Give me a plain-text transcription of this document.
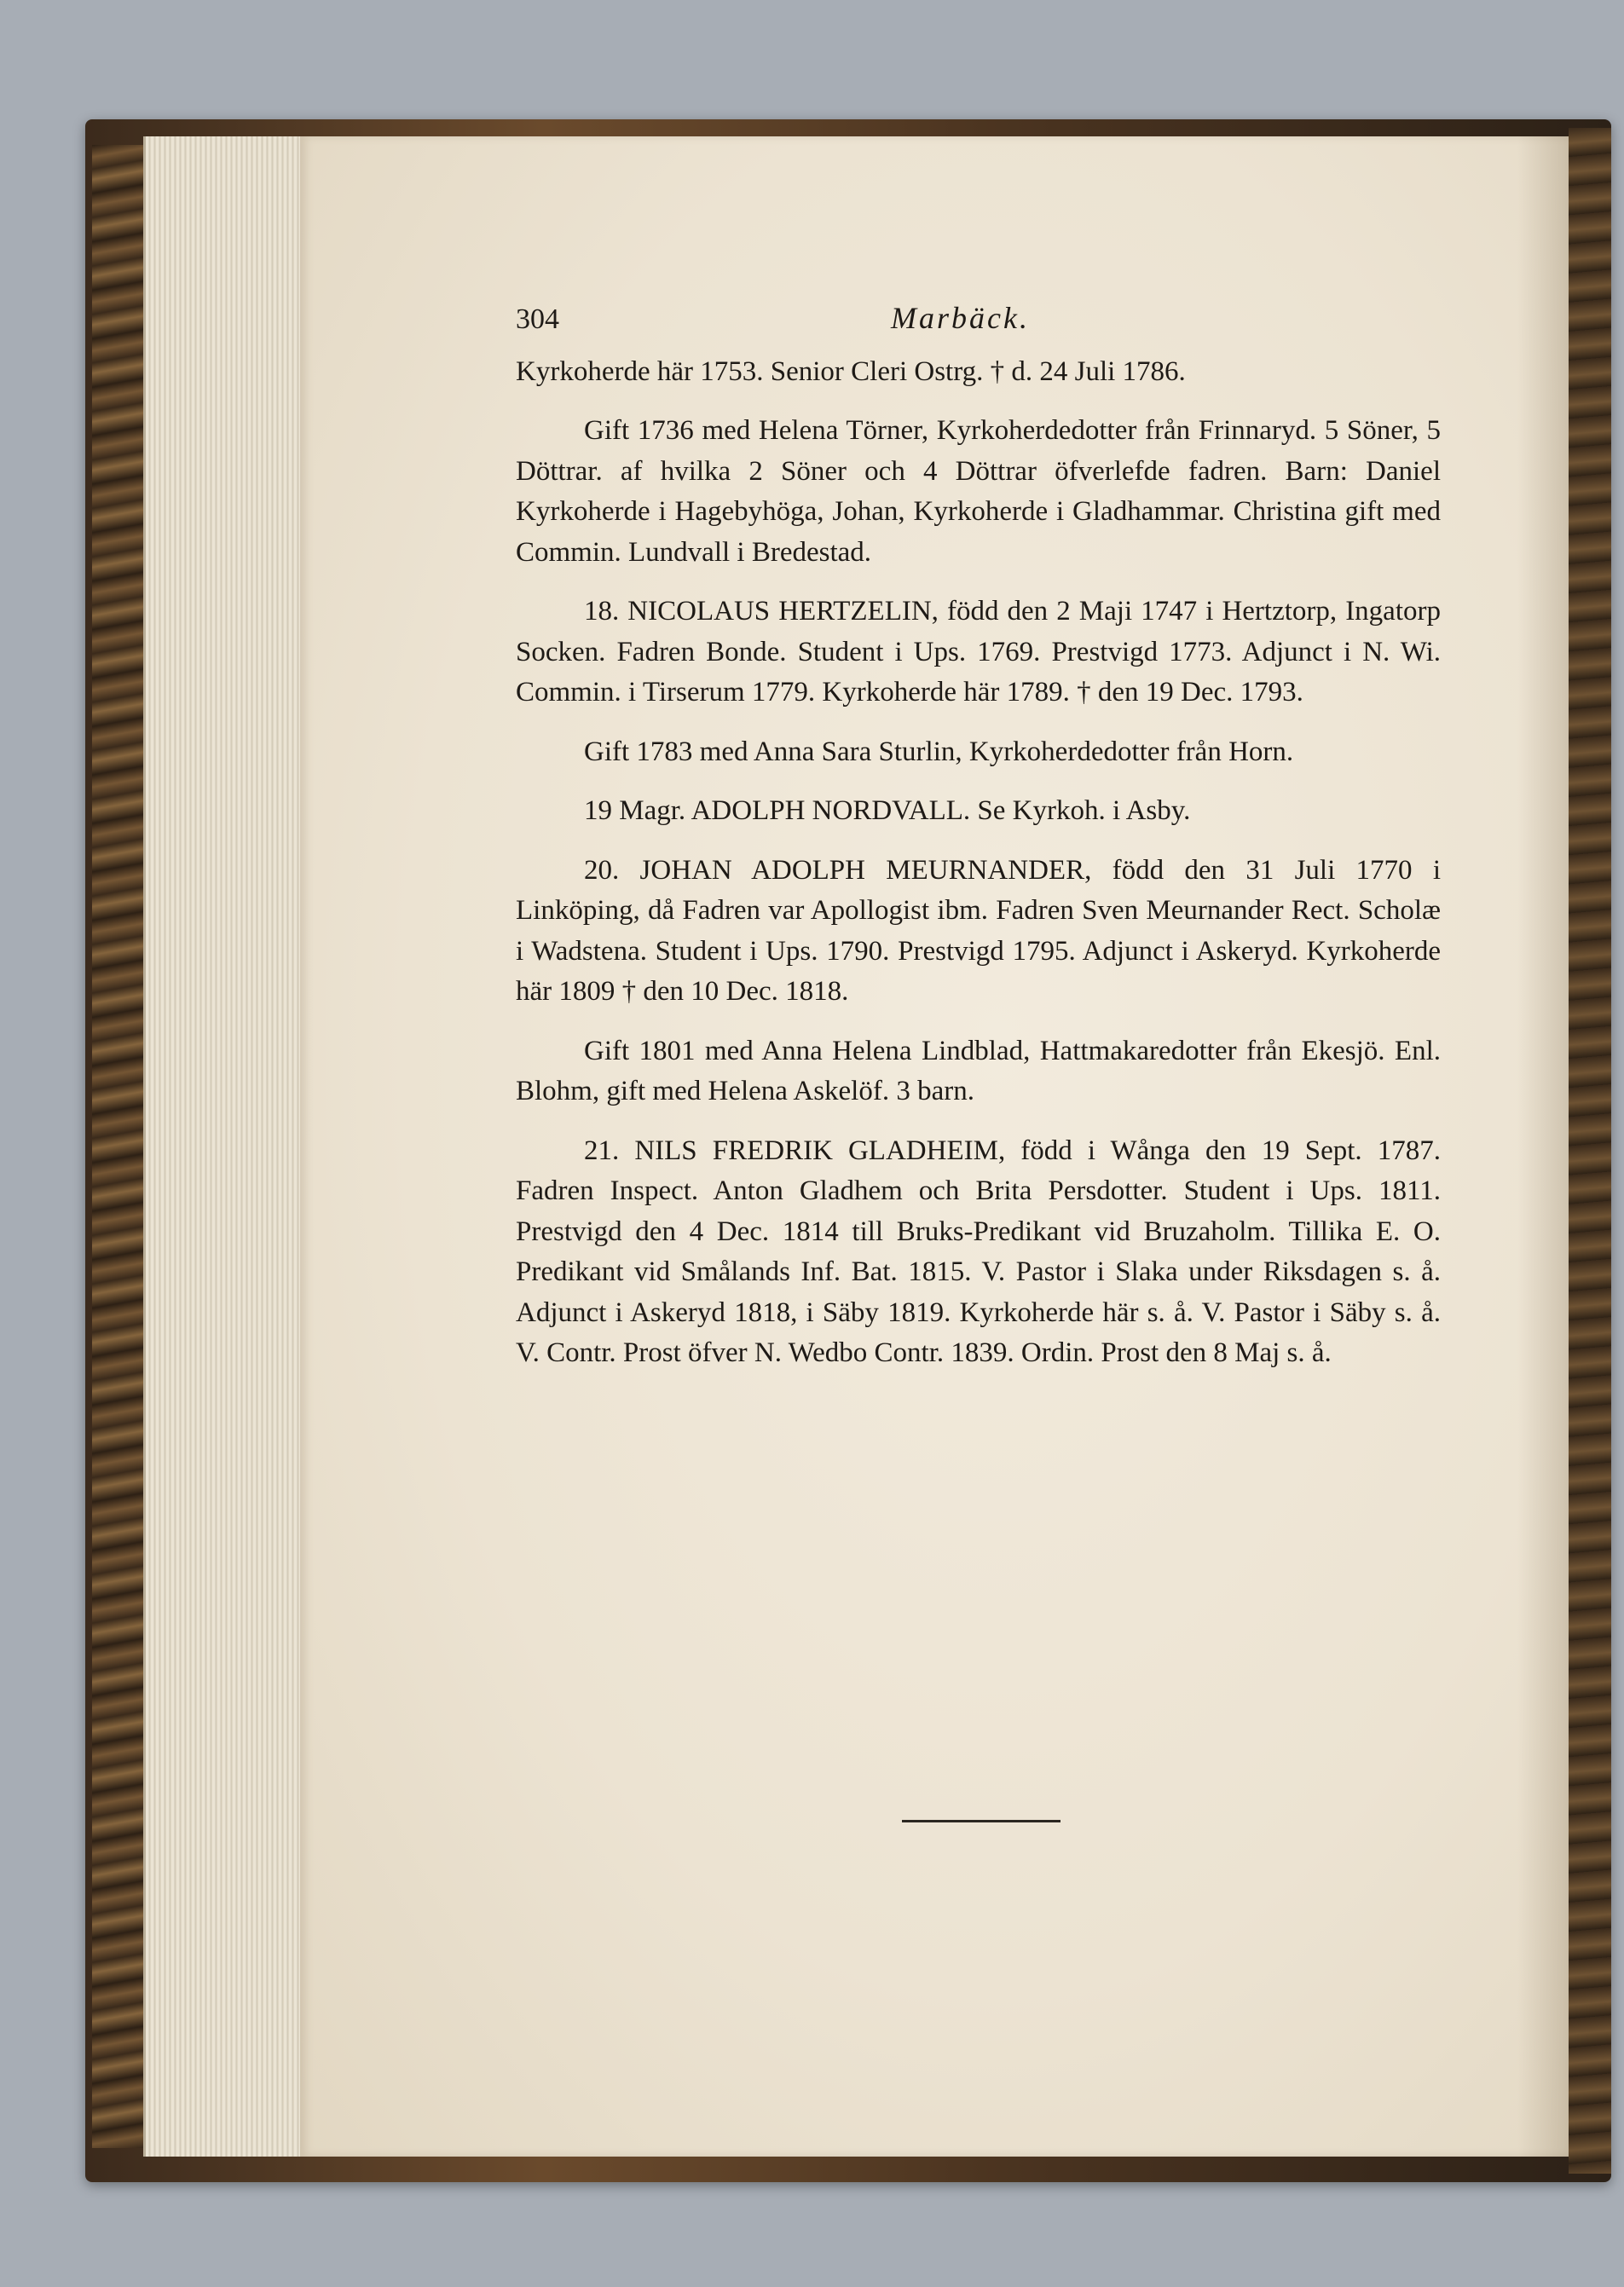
304	Marbäck.

Kyrkoherde här 1753. Senior Cleri Ostrg. † d. 24 Juli 1786.

Gift 1736 med Helena Törner, Kyrkoherdedotter från Frinnaryd. 5 Söner, 5 Döttrar. af hvilka 2 Söner och 4 Döttrar öfverlefde fadren. Barn: Daniel Kyrkoherde i Hagebyhöga, Johan, Kyrkoherde i Gladhammar. Christina gift med Commin. Lundvall i Bredestad.

18. NICOLAUS HERTZELIN, född den 2 Maji 1747 i Hertztorp, Ingatorp Socken. Fadren Bonde. Student i Ups. 1769. Prestvigd 1773. Adjunct i N. Wi. Commin. i Tirserum 1779. Kyrkoherde här 1789. † den 19 Dec. 1793.

Gift 1783 med Anna Sara Sturlin, Kyrkoherdedotter från Horn.

19 Magr. ADOLPH NORDVALL. Se Kyrkoh. i Asby.

20. JOHAN ADOLPH MEURNANDER, född den 31 Juli 1770 i Linköping, då Fadren var Apollogist ibm. Fadren Sven Meurnander Rect. Scholæ i Wadstena. Student i Ups. 1790. Prestvigd 1795. Adjunct i Askeryd. Kyrkoherde här 1809 † den 10 Dec. 1818.

Gift 1801 med Anna Helena Lindblad, Hattmakaredotter från Ekesjö. Enl. Blohm, gift med Helena Askelöf. 3 barn.

21. NILS FREDRIK GLADHEIM, född i Wånga den 19 Sept. 1787. Fadren Inspect. Anton Gladhem och Brita Persdotter. Student i Ups. 1811. Prestvigd den 4 Dec. 1814 till Bruks-Predikant vid Bruzaholm. Tillika E. O. Predikant vid Smålands Inf. Bat. 1815. V. Pastor i Slaka under Riksdagen s. å. Adjunct i Askeryd 1818, i Säby 1819. Kyrkoherde här s. å. V. Pastor i Säby s. å. V. Contr. Prost öfver N. Wedbo Contr. 1839. Ordin. Prost den 8 Maj s. å.
